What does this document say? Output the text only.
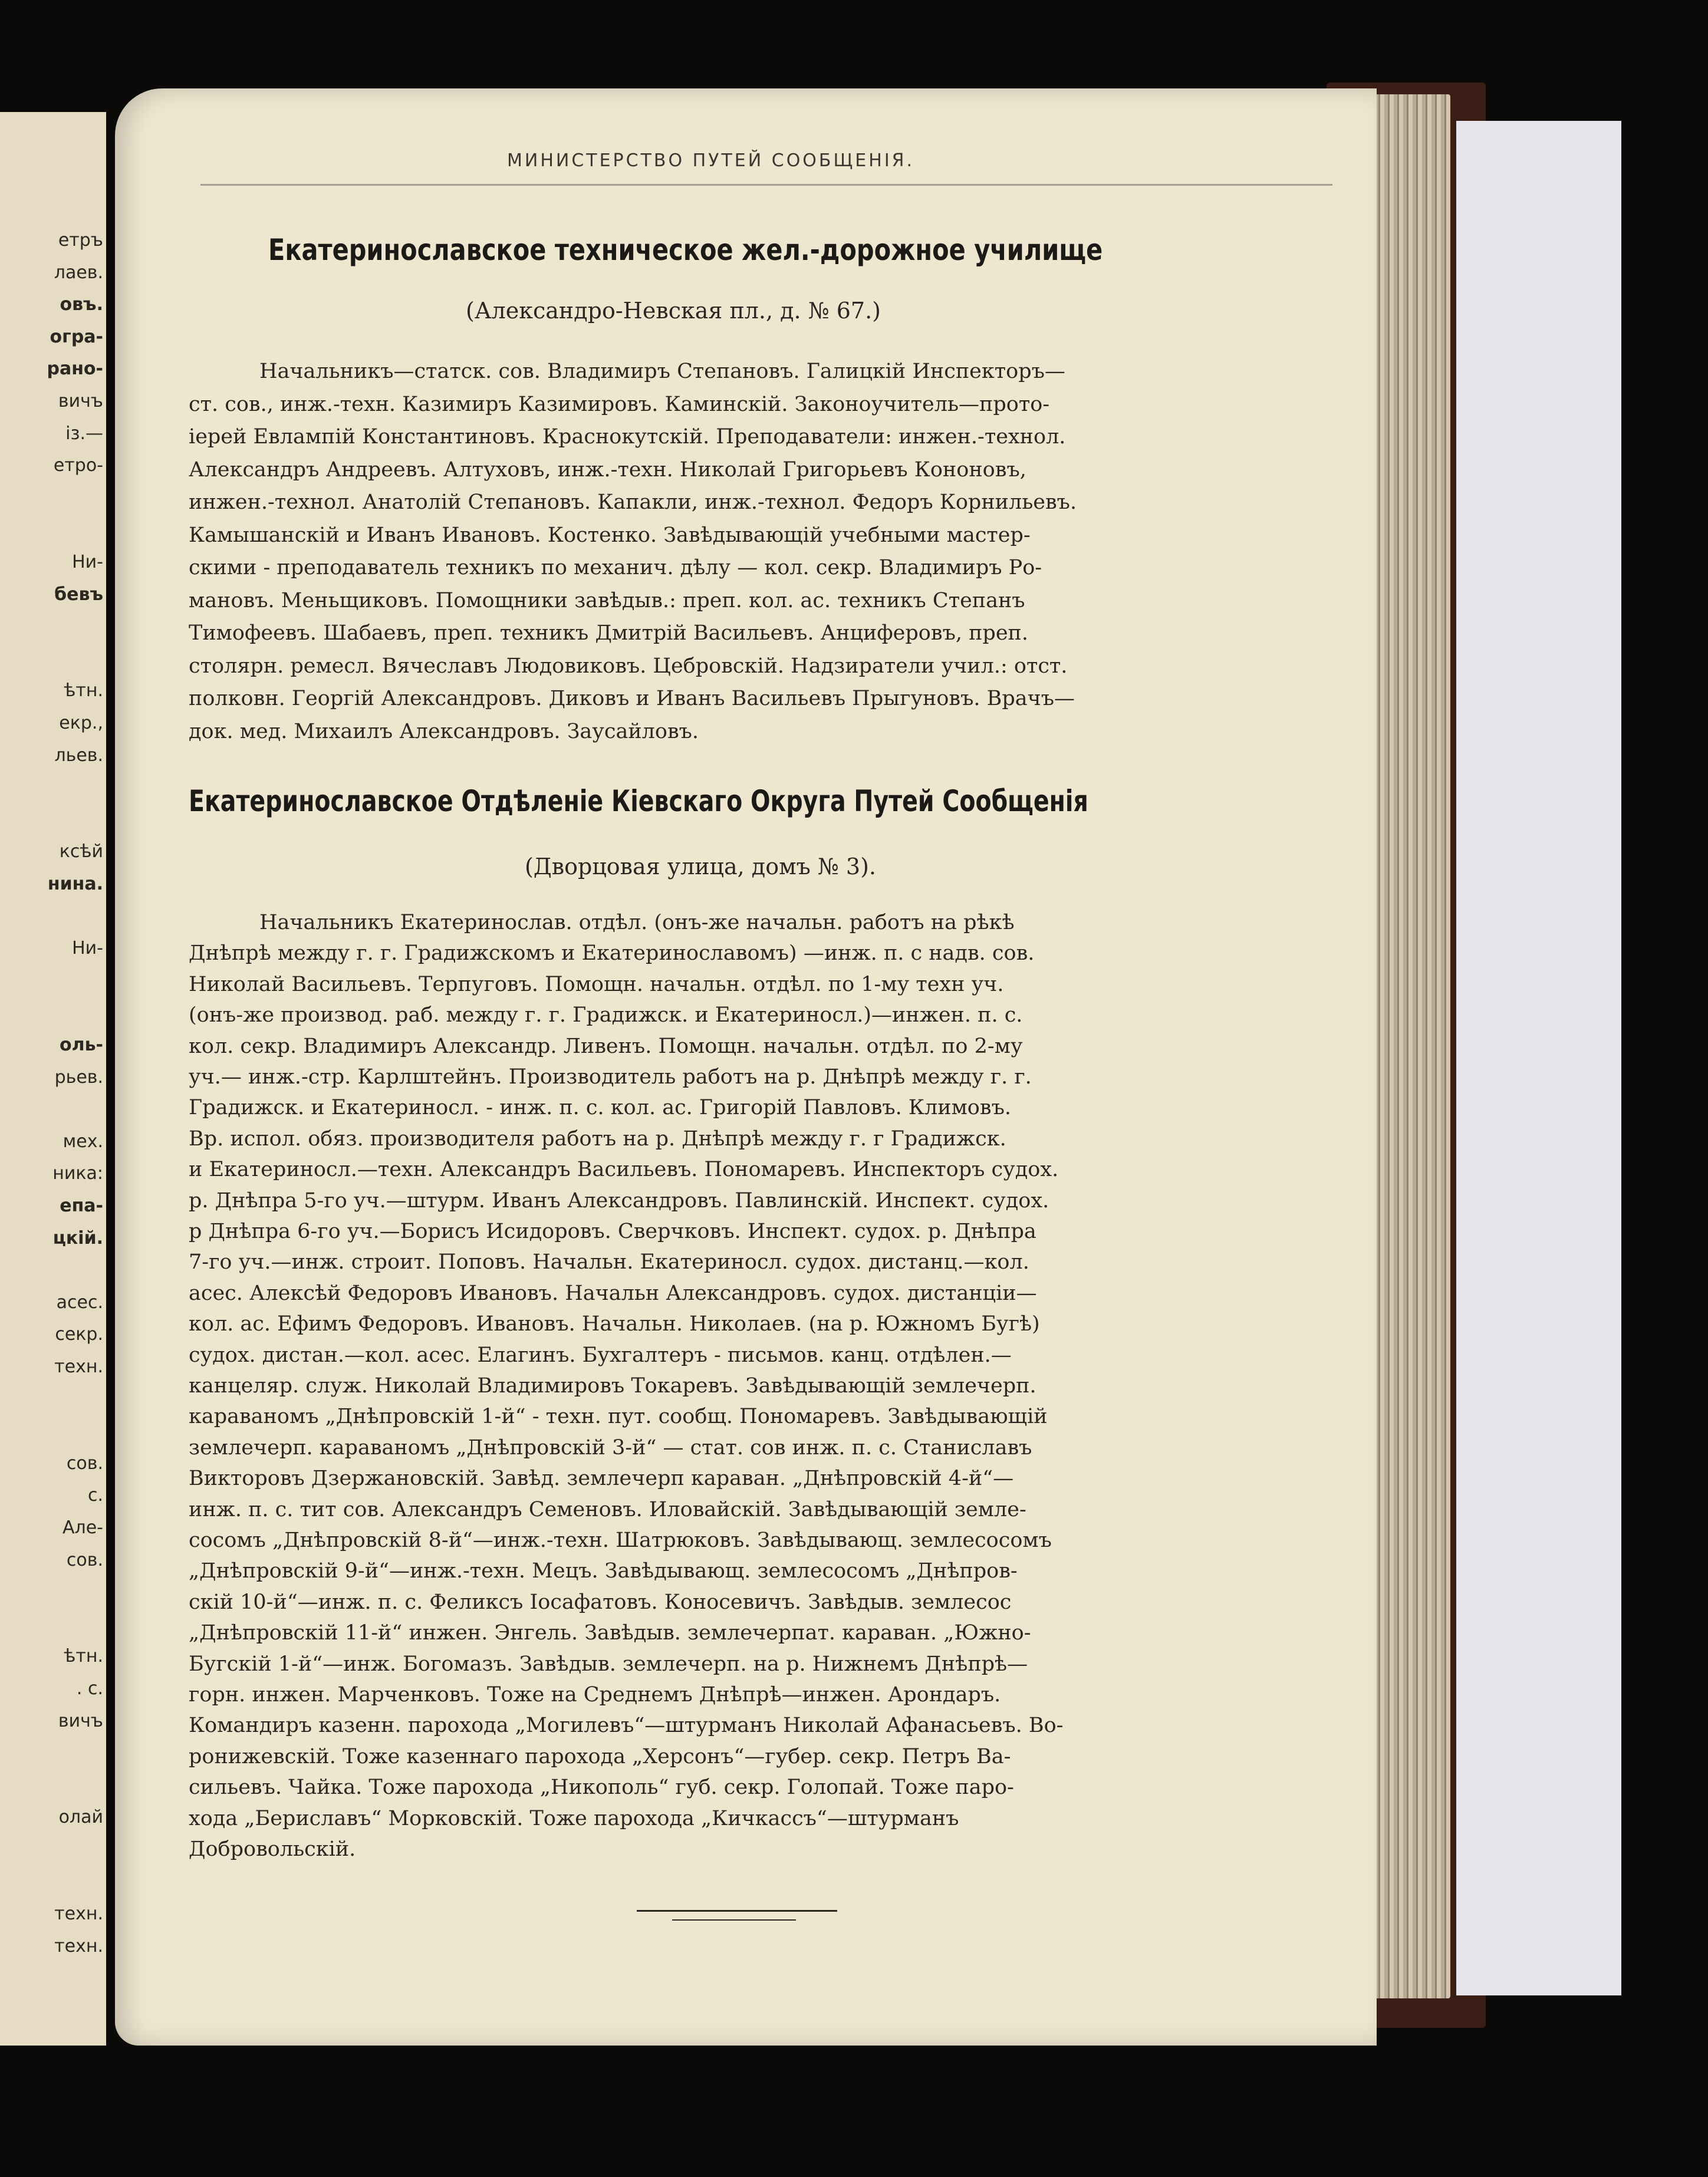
етръ
лаев.
овъ.
огра-
рано-
вичъ
із.—
етро-
Ни-
бевъ
ѣтн.
екр.,
льев.
ксѣй
нина.
Ни-
оль-
рьев.
мех.
ника:
епа-
цкій.
асес.
секр.
техн.
сов.
с.
Але-
сов.
ѣтн.
. с.
вичъ
олай
техн.
техн.
МИНИСТЕРСТВО ПУТЕЙ СООБЩЕНІЯ.
Екатеринославское техническое жел.-дорожное училище
(Александро-Невская пл., д. № 67.)
Начальникъ—статск. сов. Владимиръ Степановъ. Галицкій Инспекторъ—
ст. сов., инж.-техн. Казимиръ Казимировъ. Каминскій. Законоучитель—прото-
іерей Евлампій Константиновъ. Краснокутскій. Преподаватели: инжен.-технол.
Александръ Андреевъ. Алтуховъ, инж.-техн. Николай Григорьевъ Кононовъ,
инжен.-технол. Анатолій Степановъ. Капакли, инж.-технол. Федоръ Корнильевъ.
Камышанскій и Иванъ Ивановъ. Костенко. Завѣдывающій учебными мастер-
скими - преподаватель техникъ по механич. дѣлу — кол. секр. Владимиръ Ро-
мановъ. Меньщиковъ. Помощники завѣдыв.: преп. кол. ас. техникъ Степанъ
Тимофеевъ. Шабаевъ, преп. техникъ Дмитрій Васильевъ. Анциферовъ, преп.
столярн. ремесл. Вячеславъ Людовиковъ. Цебровскій. Надзиратели учил.: отст.
полковн. Георгій Александровъ. Диковъ и Иванъ Васильевъ Прыгуновъ. Врачъ—
док. мед. Михаилъ Александровъ. Заусайловъ.
Екатеринославское Отдѣленіе Кіевскаго Округа Путей Сообщенія
(Дворцовая улица, домъ № 3).
Начальникъ Екатеринослав. отдѣл. (онъ-же начальн. работъ на рѣкѣ
Днѣпрѣ между г. г. Градижскомъ и Екатеринославомъ) —инж. п. с надв. сов.
Николай Васильевъ. Терпуговъ. Помощн. начальн. отдѣл. по 1-му техн уч.
(онъ-же производ. раб. между г. г. Градижск. и Екатериносл.)—инжен. п. с.
кол. секр. Владимиръ Александр. Ливенъ. Помощн. начальн. отдѣл. по 2-му
уч.— инж.-стр. Карлштейнъ. Производитель работъ на р. Днѣпрѣ между г. г.
Градижск. и Екатериносл. - инж. п. с. кол. ас. Григорій Павловъ. Климовъ.
Вр. испол. обяз. производителя работъ на р. Днѣпрѣ между г. г Градижск.
и Екатериносл.—техн. Александръ Васильевъ. Пономаревъ. Инспекторъ судох.
р. Днѣпра 5-го уч.—штурм. Иванъ Александровъ. Павлинскій. Инспект. судох.
р Днѣпра 6-го уч.—Борисъ Исидоровъ. Сверчковъ. Инспект. судох. р. Днѣпра
7-го уч.—инж. строит. Поповъ. Начальн. Екатериносл. судох. дистанц.—кол.
асес. Алексѣй Федоровъ Ивановъ. Начальн Александровъ. судох. дистанціи—
кол. ас. Ефимъ Федоровъ. Ивановъ. Начальн. Николаев. (на р. Южномъ Бугѣ)
судох. дистан.—кол. асес. Елагинъ. Бухгалтеръ - письмов. канц. отдѣлен.—
канцеляр. служ. Николай Владимировъ Токаревъ. Завѣдывающій землечерп.
караваномъ „Днѣпровскій 1-й“ - техн. пут. сообщ. Пономаревъ. Завѣдывающій
землечерп. караваномъ „Днѣпровскій 3-й“ — стат. сов инж. п. с. Станиславъ
Викторовъ Дзержановскій. Завѣд. землечерп караван. „Днѣпровскій 4-й“—
инж. п. с. тит сов. Александръ Семеновъ. Иловайскій. Завѣдывающій земле-
сосомъ „Днѣпровскій 8-й“—инж.-техн. Шатрюковъ. Завѣдывающ. землесосомъ
„Днѣпровскій 9-й“—инж.-техн. Мецъ. Завѣдывающ. землесосомъ „Днѣпров-
скій 10-й“—инж. п. с. Феликсъ Іосафатовъ. Коносевичъ. Завѣдыв. землесос
„Днѣпровскій 11-й“ инжен. Энгель. Завѣдыв. землечерпат. караван. „Южно-
Бугскій 1-й“—инж. Богомазъ. Завѣдыв. землечерп. на р. Нижнемъ Днѣпрѣ—
горн. инжен. Марченковъ. Тоже на Среднемъ Днѣпрѣ—инжен. Арондаръ.
Командиръ казенн. парохода „Могилевъ“—штурманъ Николай Афанасьевъ. Во-
ронижевскій. Тоже казеннаго парохода „Херсонъ“—губер. секр. Петръ Ва-
сильевъ. Чайка. Тоже парохода „Никополь“ губ. секр. Голопай. Тоже паро-
хода „Бериславъ“ Морковскій. Тоже парохода „Кичкассъ“—штурманъ
Добровольскій.
